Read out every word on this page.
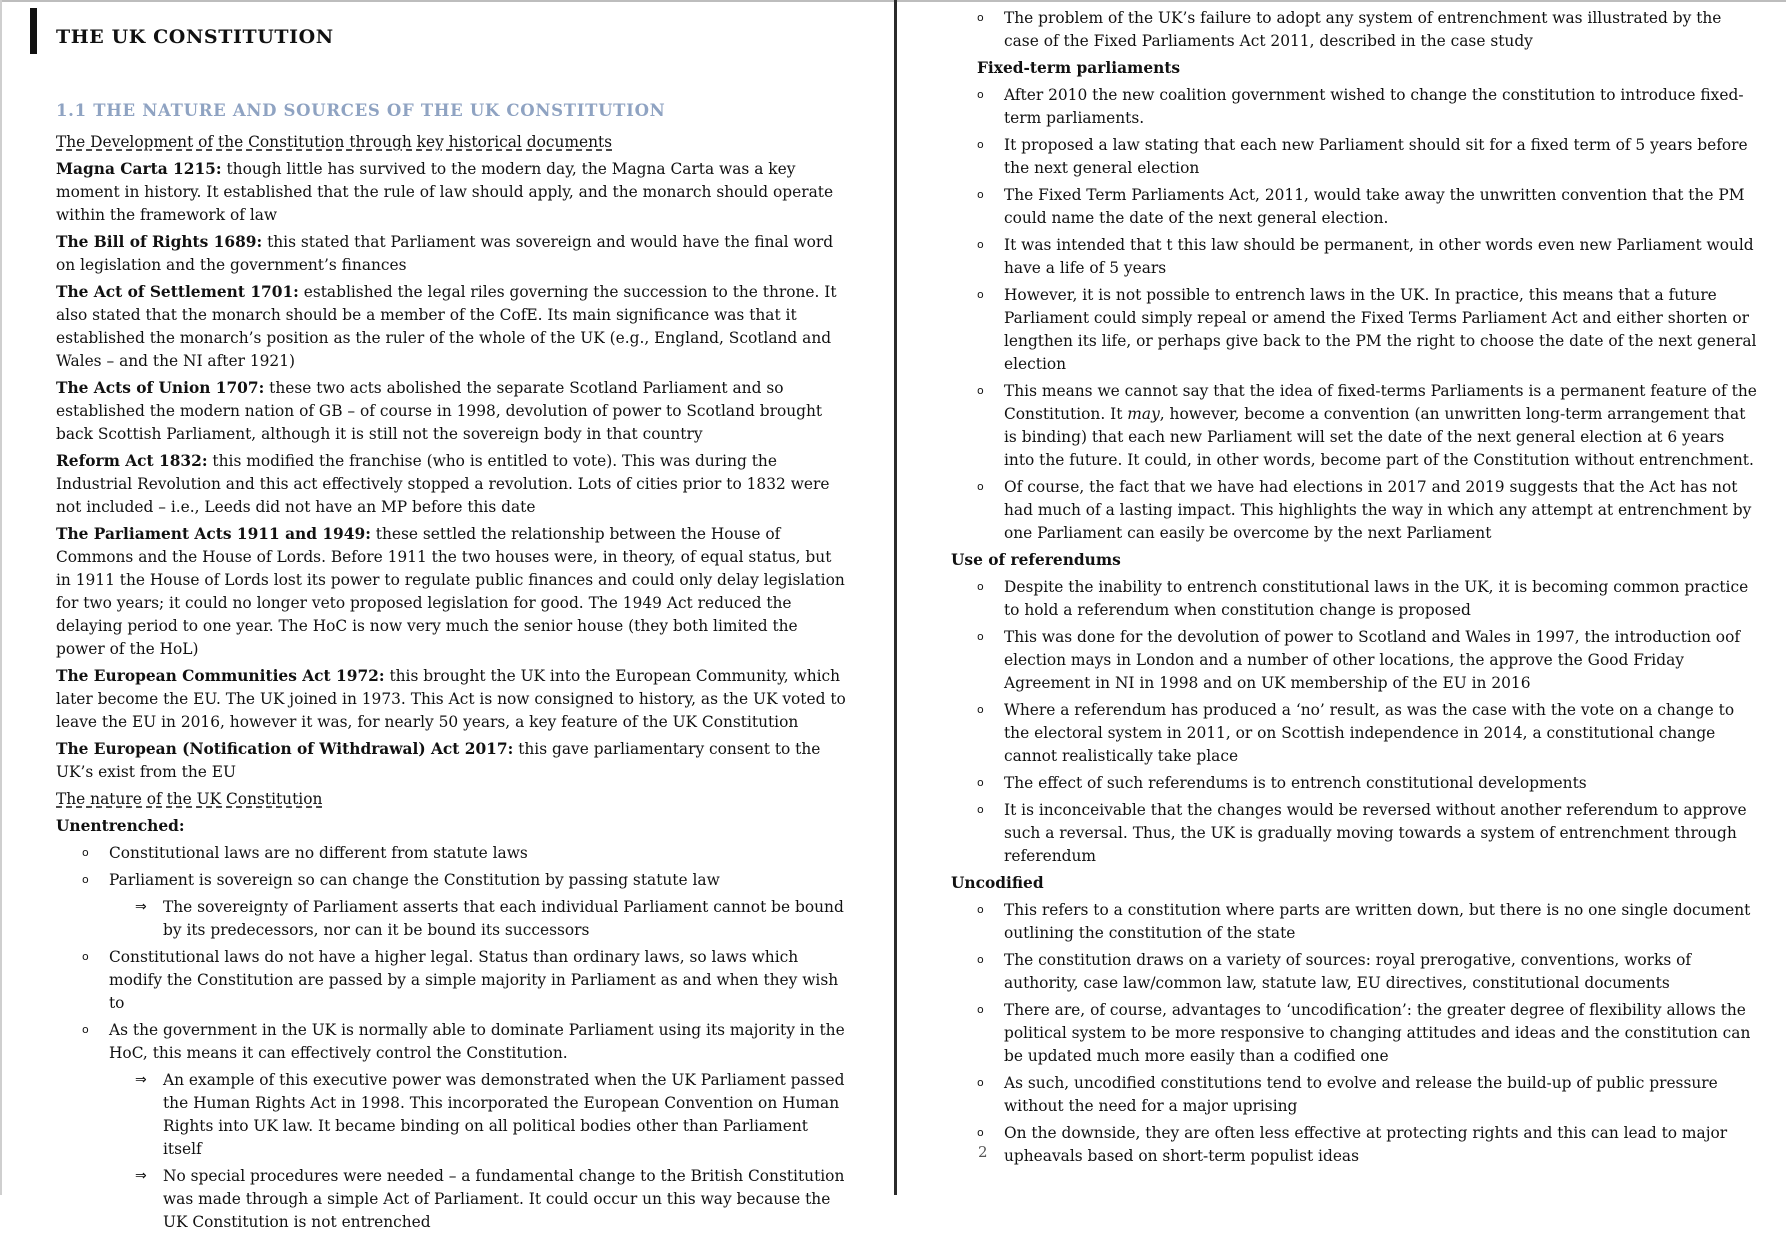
THE UK CONSTITUTION
1.1 THE NATURE AND SOURCES OF THE UK CONSTITUTION

The Development of the Constitution through key historical documents

Magna Carta 1215: though little has survived to the modern day, the Magna Carta was a key moment in history. It established that the rule of law should apply, and the monarch should operate within the framework of law

The Bill of Rights 1689: this stated that Parliament was sovereign and would have the final word on legislation and the government’s finances

The Act of Settlement 1701: established the legal riles governing the succession to the throne. It also stated that the monarch should be a member of the CofE. Its main significance was that it established the monarch’s position as the ruler of the whole of the UK (e.g., England, Scotland and Wales – and the NI after 1921)

The Acts of Union 1707: these two acts abolished the separate Scotland Parliament and so established the modern nation of GB – of course in 1998, devolution of power to Scotland brought back Scottish Parliament, although it is still not the sovereign body in that country

Reform Act 1832: this modified the franchise (who is entitled to vote). This was during the Industrial Revolution and this act effectively stopped a revolution. Lots of cities prior to 1832 were not included – i.e., Leeds did not have an MP before this date

The Parliament Acts 1911 and 1949: these settled the relationship between the House of Commons and the House of Lords. Before 1911 the two houses were, in theory, of equal status, but in 1911 the House of Lords lost its power to regulate public finances and could only delay legislation for two years; it could no longer veto proposed legislation for good. The 1949 Act reduced the delaying period to one year. The HoC is now very much the senior house (they both limited the power of the HoL)

The European Communities Act 1972: this brought the UK into the European Community, which later become the EU. The UK joined in 1973. This Act is now consigned to history, as the UK voted to leave the EU in 2016, however it was, for nearly 50 years, a key feature of the UK Constitution

The European (Notification of Withdrawal) Act 2017: this gave parliamentary consent to the UK’s exist from the EU

The nature of the UK Constitution

Unentrenched:

o Constitutional laws are no different from statute laws
o Parliament is sovereign so can change the Constitution by passing statute law
⇒ The sovereignty of Parliament asserts that each individual Parliament cannot be bound by its predecessors, nor can it be bound its successors
o Constitutional laws do not have a higher legal. Status than ordinary laws, so laws which modify the Constitution are passed by a simple majority in Parliament as and when they wish to
o As the government in the UK is normally able to dominate Parliament using its majority in the HoC, this means it can effectively control the Constitution.
⇒ An example of this executive power was demonstrated when the UK Parliament passed the Human Rights Act in 1998. This incorporated the European Convention on Human Rights into UK law. It became binding on all political bodies other than Parliament itself
⇒ No special procedures were needed – a fundamental change to the British Constitution was made through a simple Act of Parliament. It could occur un this way because the UK Constitution is not entrenched
o The problem of the UK’s failure to adopt any system of entrenchment was illustrated by the case of the Fixed Parliaments Act 2011, described in the case study

Fixed-term parliaments

o After 2010 the new coalition government wished to change the constitution to introduce fixed-term parliaments.
o It proposed a law stating that each new Parliament should sit for a fixed term of 5 years before the next general election
o The Fixed Term Parliaments Act, 2011, would take away the unwritten convention that the PM could name the date of the next general election.
o It was intended that t this law should be permanent, in other words even new Parliament would have a life of 5 years
o However, it is not possible to entrench laws in the UK. In practice, this means that a future Parliament could simply repeal or amend the Fixed Terms Parliament Act and either shorten or lengthen its life, or perhaps give back to the PM the right to choose the date of the next general election
o This means we cannot say that the idea of fixed-terms Parliaments is a permanent feature of the Constitution. It may, however, become a convention (an unwritten long-term arrangement that is binding) that each new Parliament will set the date of the next general election at 6 years into the future. It could, in other words, become part of the Constitution without entrenchment.
o Of course, the fact that we have had elections in 2017 and 2019 suggests that the Act has not had much of a lasting impact. This highlights the way in which any attempt at entrenchment by one Parliament can easily be overcome by the next Parliament

Use of referendums

o Despite the inability to entrench constitutional laws in the UK, it is becoming common practice to hold a referendum when constitution change is proposed
o This was done for the devolution of power to Scotland and Wales in 1997, the introduction oof election mays in London and a number of other locations, the approve the Good Friday Agreement in NI in 1998 and on UK membership of the EU in 2016
o Where a referendum has produced a ‘no’ result, as was the case with the vote on a change to the electoral system in 2011, or on Scottish independence in 2014, a constitutional change cannot realistically take place
o The effect of such referendums is to entrench constitutional developments
o It is inconceivable that the changes would be reversed without another referendum to approve such a reversal. Thus, the UK is gradually moving towards a system of entrenchment through referendum

Uncodified

o This refers to a constitution where parts are written down, but there is no one single document outlining the constitution of the state
o The constitution draws on a variety of sources: royal prerogative, conventions, works of authority, case law/common law, statute law, EU directives, constitutional documents
o There are, of course, advantages to ‘uncodification’: the greater degree of flexibility allows the political system to be more responsive to changing attitudes and ideas and the constitution can be updated much more easily than a codified one
o As such, uncodified constitutions tend to evolve and release the build-up of public pressure without the need for a major uprising
o On the downside, they are often less effective at protecting rights and this can lead to major upheavals based on short-term populist ideas
2
